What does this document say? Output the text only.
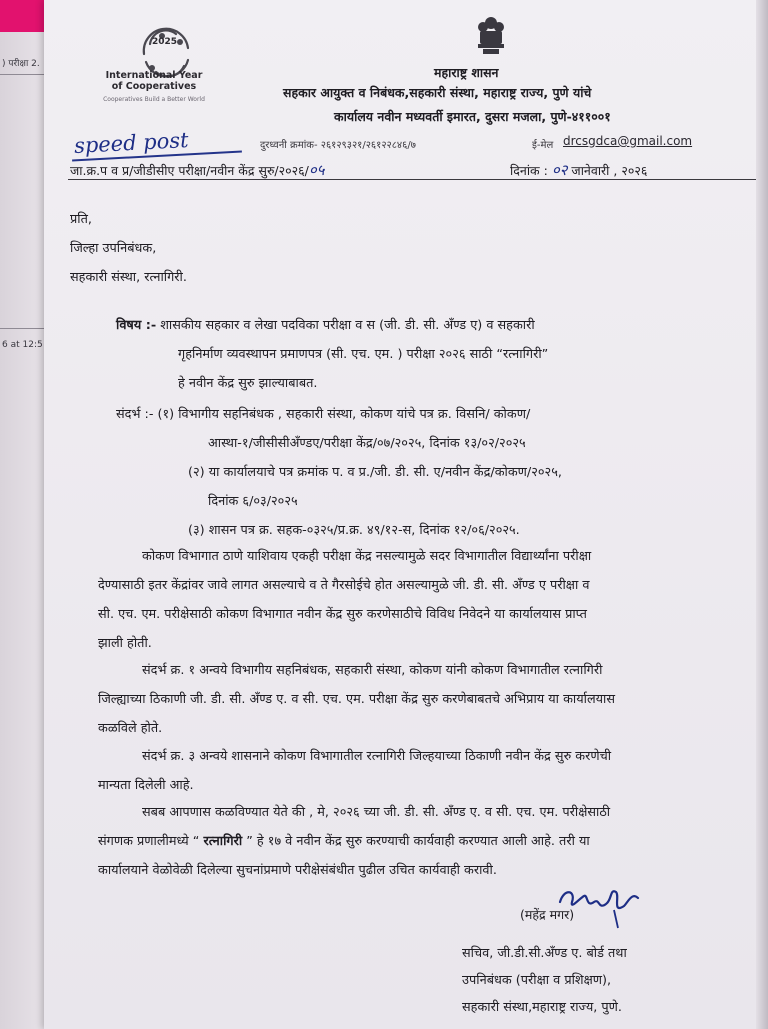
) परीक्षा 2.
6 at 12:5
2025
International Year
of Cooperatives
Cooperatives Build a Better World
महाराष्ट्र शासन
सहकार आयुक्त व निबंधक,सहकारी संस्था, महाराष्ट्र राज्य, पुणे यांचे
कार्यालय नवीन मध्यवर्ती इमारत, दुसरा मजला, पुणे-४११००१
speed post	दुरध्वनी क्रमांक- २६१२९३२१/२६१२२८४६/७	ई-मेल drcsgdca@gmail.com
जा.क्र.प व प्र/जीडीसीए परीक्षा/नवीन केंद्र सुरु/२०२६/०५	दिनांक : ०२ जानेवारी , २०२६
प्रति,
जिल्हा उपनिबंधक,
सहकारी संस्था, रत्नागिरी.
विषय :- शासकीय सहकार व लेखा पदविका परीक्षा व स (जी. डी. सी. अँण्ड ए) व सहकारी
गृहनिर्माण व्यवस्थापन प्रमाणपत्र (सी. एच. एम. ) परीक्षा २०२६ साठी “रत्नागिरी”
हे नवीन केंद्र सुरु झाल्याबाबत.
संदर्भ :- (१) विभागीय सहनिबंधक , सहकारी संस्था, कोकण यांचे पत्र क्र. विसनि/ कोकण/
आस्था-१/जीसीसीअँण्डए/परीक्षा केंद्र/०७/२०२५, दिनांक १३/०२/२०२५
(२) या कार्यालयाचे पत्र क्रमांक प. व प्र./जी. डी. सी. ए/नवीन केंद्र/कोकण/२०२५,
दिनांक ६/०३/२०२५
(३) शासन पत्र क्र. सहक-०३२५/प्र.क्र. ४९/१२-स, दिनांक १२/०६/२०२५.
कोकण विभागात ठाणे याशिवाय एकही परीक्षा केंद्र नसल्यामुळे सदर विभागातील विद्यार्थ्यांना परीक्षा
देण्यासाठी इतर केंद्रांवर जावे लागत असल्याचे व ते गैरसोईचे होत असल्यामुळे जी. डी. सी. अँण्ड ए परीक्षा व
सी. एच. एम. परीक्षेसाठी कोकण विभागात नवीन केंद्र सुरु करणेसाठीचे विविध निवेदने या कार्यालयास प्राप्त
झाली होती.
संदर्भ क्र. १ अन्वये विभागीय सहनिबंधक, सहकारी संस्था, कोकण यांनी कोकण विभागातील रत्नागिरी
जिल्ह्याच्या ठिकाणी जी. डी. सी. अँण्ड ए. व सी. एच. एम. परीक्षा केंद्र सुरु करणेबाबतचे अभिप्राय या कार्यालयास
कळविले होते.
संदर्भ क्र. ३ अन्वये शासनाने कोकण विभागातील रत्नागिरी जिल्हयाच्या ठिकाणी नवीन केंद्र सुरु करणेची
मान्यता दिलेली आहे.
सबब आपणास कळविण्यात येते की , मे, २०२६ च्या जी. डी. सी. अँण्ड ए. व सी. एच. एम. परीक्षेसाठी
संगणक प्रणालीमध्ये “ रत्नागिरी ” हे १७ वे नवीन केंद्र सुरु करण्याची कार्यवाही करण्यात आली आहे. तरी या
कार्यालयाने वेळोवेळी दिलेल्या सुचनांप्रमाणे परीक्षेसंबंधीत पुढील उचित कार्यवाही करावी.
(महेंद्र मगर)
सचिव, जी.डी.सी.अँण्ड ए. बोर्ड तथा
उपनिबंधक (परीक्षा व प्रशिक्षण),
सहकारी संस्था,महाराष्ट्र राज्य, पुणे.
